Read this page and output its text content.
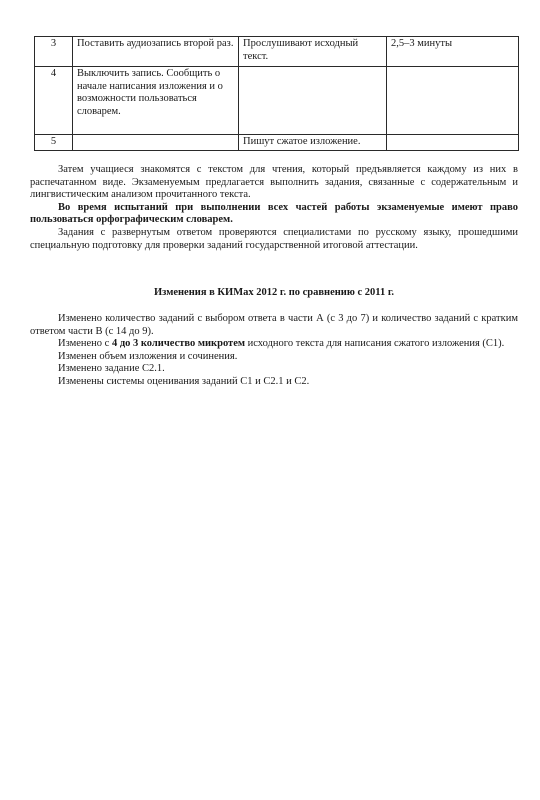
3	Поставить аудиозапись второй раз.	Прослушивают исходный текст.	2,5–3 минуты
4	Выключить запись. Сообщить о начале написания изложения и о возможности пользоваться словарем.		
5		Пишут сжатое изложение.	

Затем учащиеся знакомятся с текстом для чтения, который предъявляется каждому из них в распечатанном виде. Экзаменуемым предлагается выполнить задания, связанные с содержательным и лингвистическим анализом прочитанного текста.

Во время испытаний при выполнении всех частей работы экзаменуемые имеют право пользоваться орфографическим словарем.

Задания с развернутым ответом проверяются специалистами по русскому языку, прошедшими специальную подготовку для проверки заданий государственной итоговой аттестации.

Изменения в КИМах 2012 г. по сравнению с 2011 г.

Изменено количество заданий с выбором ответа в части А (с 3 до 7) и количество заданий с кратким ответом части В (с 14 до 9).

Изменено с 4 до 3 количество микротем исходного текста для написания сжатого изложения (С1).

Изменен объем изложения и сочинения.

Изменено задание С2.1.

Изменены системы оценивания заданий С1 и С2.1 и С2.
